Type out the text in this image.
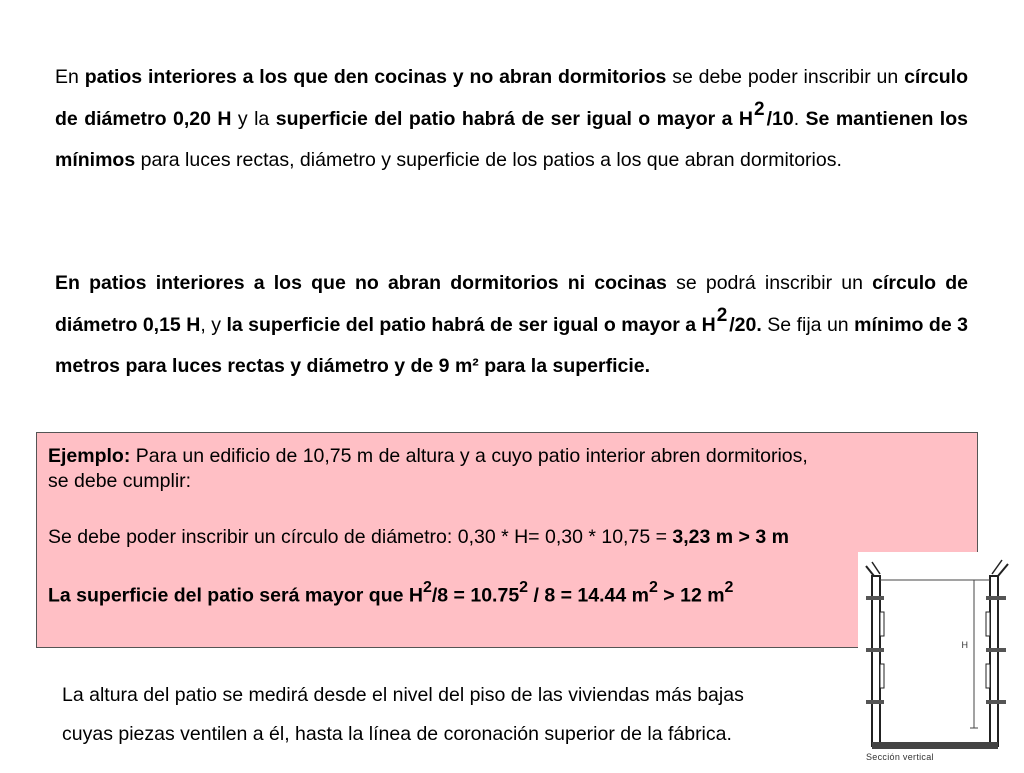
En patios interiores a los que den cocinas y no abran dormitorios se debe poder inscribir un círculo de diámetro 0,20 H y la superficie del patio habrá de ser igual o mayor a $H^2$ /10. Se mantienen los mínimos para luces rectas, diámetro y superficie de los patios a los que abran dormitorios.
En patios interiores a los que no abran dormitorios ni cocinas se podrá inscribir un círculo de diámetro 0,15 H, y la superficie del patio habrá de ser igual o mayor a $H^2$ /20. Se fija un mínimo de 3 metros para luces rectas y diámetro y de 9 m² para la superficie.
Ejemplo: Para un edificio de 10,75 m de altura y a cuyo patio interior abren dormitorios,
se debe cumplir:
Se debe poder inscribir un círculo de diámetro: 0,30 * H= 0,30 * 10,75 = 3,23 m > 3 m
La superficie del patio será mayor que $H^2/8 = 10.75^2 / 8 = 14.44$ $m^2 > 12$ $m^2$
La altura del patio se medirá desde el nivel del piso de las viviendas más bajas
cuyas piezas ventilen a él, hasta la línea de coronación superior de la fábrica.
H
Sección vertical
